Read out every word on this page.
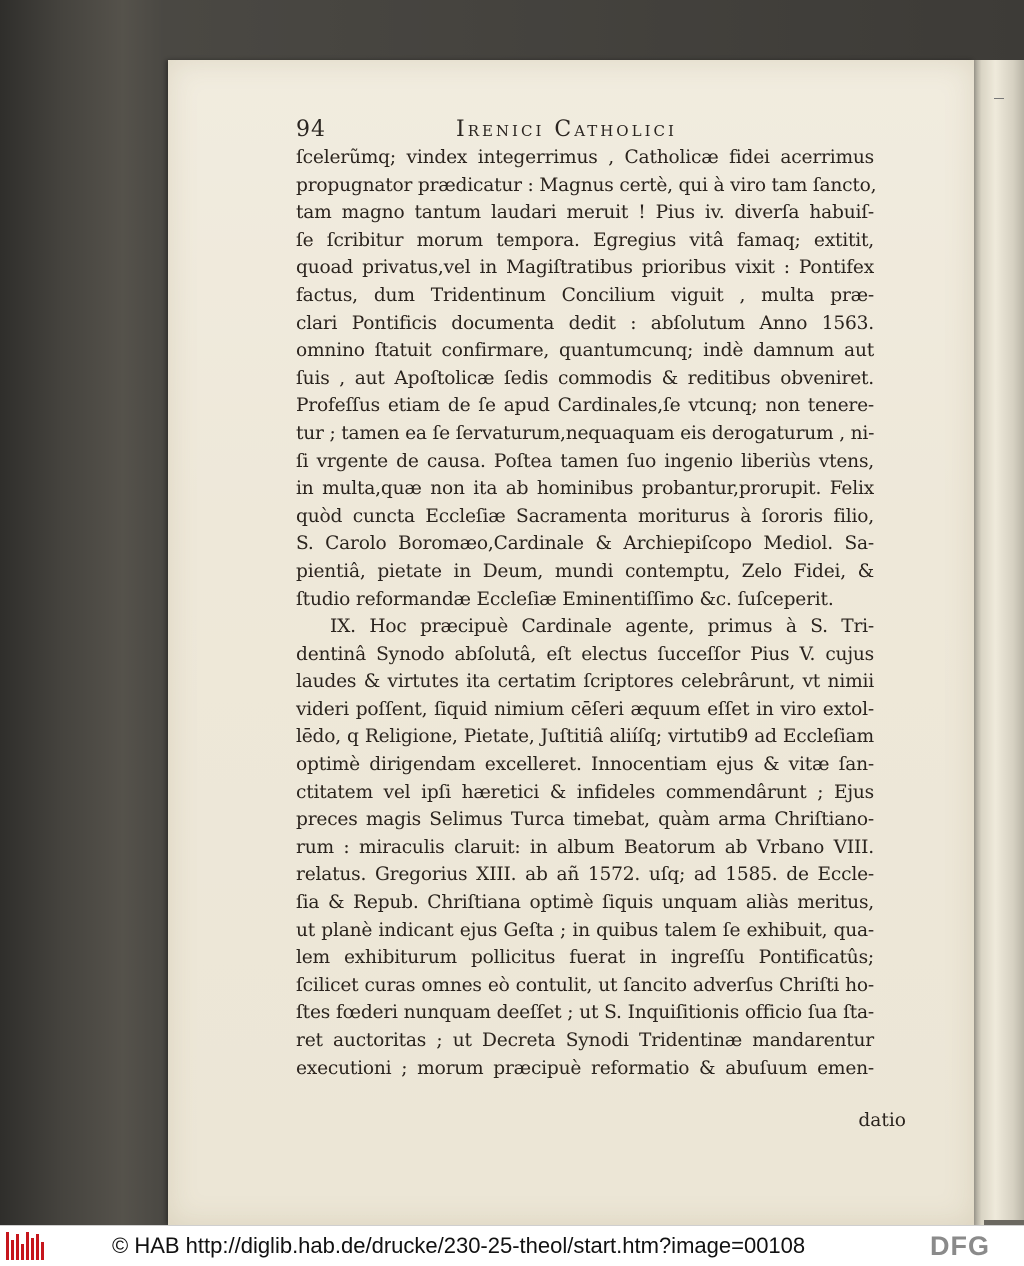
94	Irenici Catholici
ſcelerũmq; vindex integerrimus , Catholicæ fidei acerrimus
propugnator prædicatur : Magnus certè, qui à viro tam ſancto,
tam magno tantum laudari meruit ! Pius iv. diverſa habuiſ-
ſe ſcribitur morum tempora. Egregius vitâ famaq; extitit,
quoad privatus,vel in Magiſtratibus prioribus vixit : Pontifex
factus, dum Tridentinum Concilium viguit , multa præ-
clari Pontificis documenta dedit : abſolutum Anno 1563.
omnino ſtatuit confirmare, quantumcunq; indè damnum aut
ſuis , aut Apoſtolicæ ſedis commodis & reditibus obveniret.
Profeſſus etiam de ſe apud Cardinales,ſe vtcunq; non tenere-
tur ; tamen ea ſe ſervaturum,nequaquam eis derogaturum , ni-
ſi vrgente de causa. Poſtea tamen ſuo ingenio liberiùs vtens,
in multa,quæ non ita ab hominibus probantur,prorupit. Felix
quòd cuncta Eccleſiæ Sacramenta moriturus à ſororis filio,
S. Carolo Boromæo,Cardinale & Archiepiſcopo Mediol. Sa-
pientiâ, pietate in Deum, mundi contemptu, Zelo Fidei, &
ſtudio reformandæ Eccleſiæ Eminentiſſimo &c. ſuſceperit.
IX. Hoc præcipuè Cardinale agente, primus à S. Tri-
dentinâ Synodo abſolutâ, eſt electus ſucceſſor Pius V. cujus
laudes & virtutes ita certatim ſcriptores celebrârunt, vt nimii
videri poſſent, ſiquid nimium cēſeri æquum eſſet in viro extol-
lēdo, q Religione, Pietate, Juſtitiâ aliíſq; virtutib9 ad Eccleſiam
optimè dirigendam excelleret. Innocentiam ejus & vitæ ſan-
ctitatem vel ipſi hæretici & infideles commendârunt ; Ejus
preces magis Selimus Turca timebat, quàm arma Chriſtiano-
rum : miraculis claruit: in album Beatorum ab Vrbano VIII.
relatus. Gregorius XIII. ab añ 1572. uſq; ad 1585. de Eccle-
ſia & Repub. Chriſtiana optimè ſiquis unquam aliàs meritus,
ut planè indicant ejus Geſta ; in quibus talem ſe exhibuit, qua-
lem exhibiturum pollicitus fuerat in ingreſſu Pontificatûs;
ſcilicet curas omnes eò contulit, ut ſancito adverſus Chriſti ho-
ſtes fœderi nunquam deeſſet ; ut S. Inquiſitionis officio ſua ſta-
ret auctoritas ; ut Decreta Synodi Tridentinæ mandarentur
executioni ; morum præcipuè reformatio & abuſuum emen-
datio
© HAB http://diglib.hab.de/drucke/230-25-theol/start.htm?image=00108	DFG
